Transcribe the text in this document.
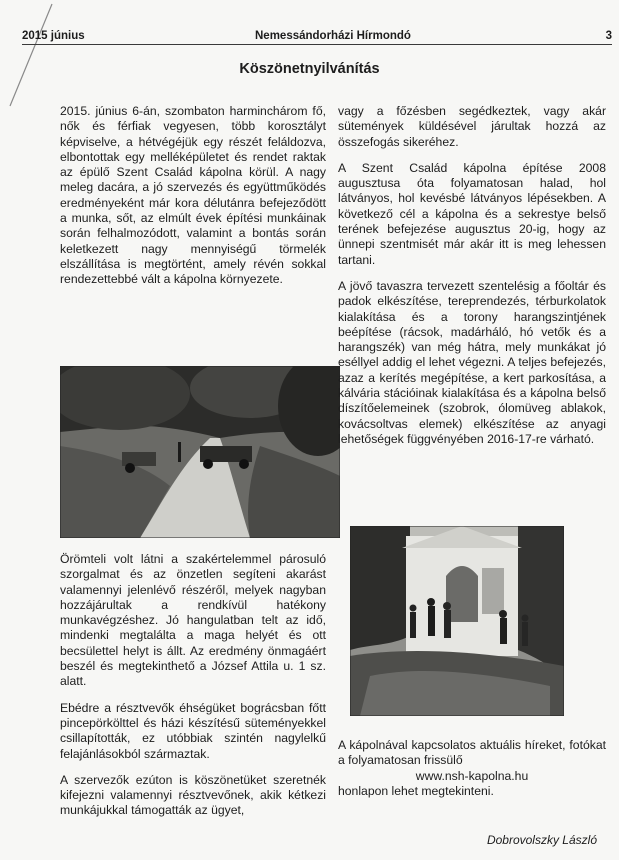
2015 június	Nemessándorházi Hírmondó	3
Köszönetnyilvánítás

2015. június 6-án, szombaton harminchárom fő, nők és férfiak vegyesen, több korosztályt képviselve, a hétvégéjük egy részét feláldozva, elbontottak egy melléképületet és rendet raktak az épülő Szent Család kápolna körül. A nagy meleg dacára, a jó szervezés és együttműködés eredményeként már kora délutánra befejeződött a munka, sőt, az elmúlt évek építési munkáinak során felhalmozódott, valamint a bontás során keletkezett nagy mennyiségű törmelék elszállítása is megtörtént, amely révén sokkal rendezettebbé vált a kápolna környezete.

Örömteli volt látni a szakértelemmel párosuló szorgalmat és az önzetlen segíteni akarást valamennyi jelenlévő részéről, melyek nagyban hozzájárultak a rendkívül hatékony munkavégzéshez. Jó hangulatban telt az idő, mindenki megtalálta a maga helyét és ott becsülettel helyt is állt. Az eredmény önmagáért beszél és megtekinthető a József Attila u. 1 sz. alatt.

Ebédre a résztvevők éhségüket bográcsban főtt pincepörkölttel és házi készítésű süteményekkel csillapították, ez utóbbiak szintén nagylelkű felajánlásokból származtak.

A szervezők ezúton is köszönetüket szeretnék kifejezni valamennyi résztvevőnek, akik kétkezi munkájukkal támogatták az ügyet,

vagy a főzésben segédkeztek, vagy akár sütemények küldésével járultak hozzá az összefogás sikeréhez.

A Szent Család kápolna építése 2008 augusztusa óta folyamatosan halad, hol látványos, hol kevésbé látványos lépésekben. A következő cél a kápolna és a sekrestye belső terének befejezése augusztus 20-ig, hogy az ünnepi szentmisét már akár itt is meg lehessen tartani.

A jövő tavaszra tervezett szentelésig a főoltár és padok elkészítése, tereprendezés, térburkolatok kialakítása és a torony harangszintjének beépítése (rácsok, madárháló, hó vetők és a harangszék) van még hátra, mely munkákat jó eséllyel addig el lehet végezni. A teljes befejezés, azaz a kerítés megépítése, a kert parkosítása, a kálvária stációinak kialakítása és a kápolna belső díszítőelemeinek (szobrok, ólomüveg ablakok, kovácsoltvas elemek) elkészítése az anyagi lehetőségek függvényében 2016-17-re várható.

A kápolnával kapcsolatos aktuális híreket, fotókat a folyamatosan frissülő
www.nsh-kapolna.hu
honlapon lehet megtekinteni.
Dobrovolszky László
